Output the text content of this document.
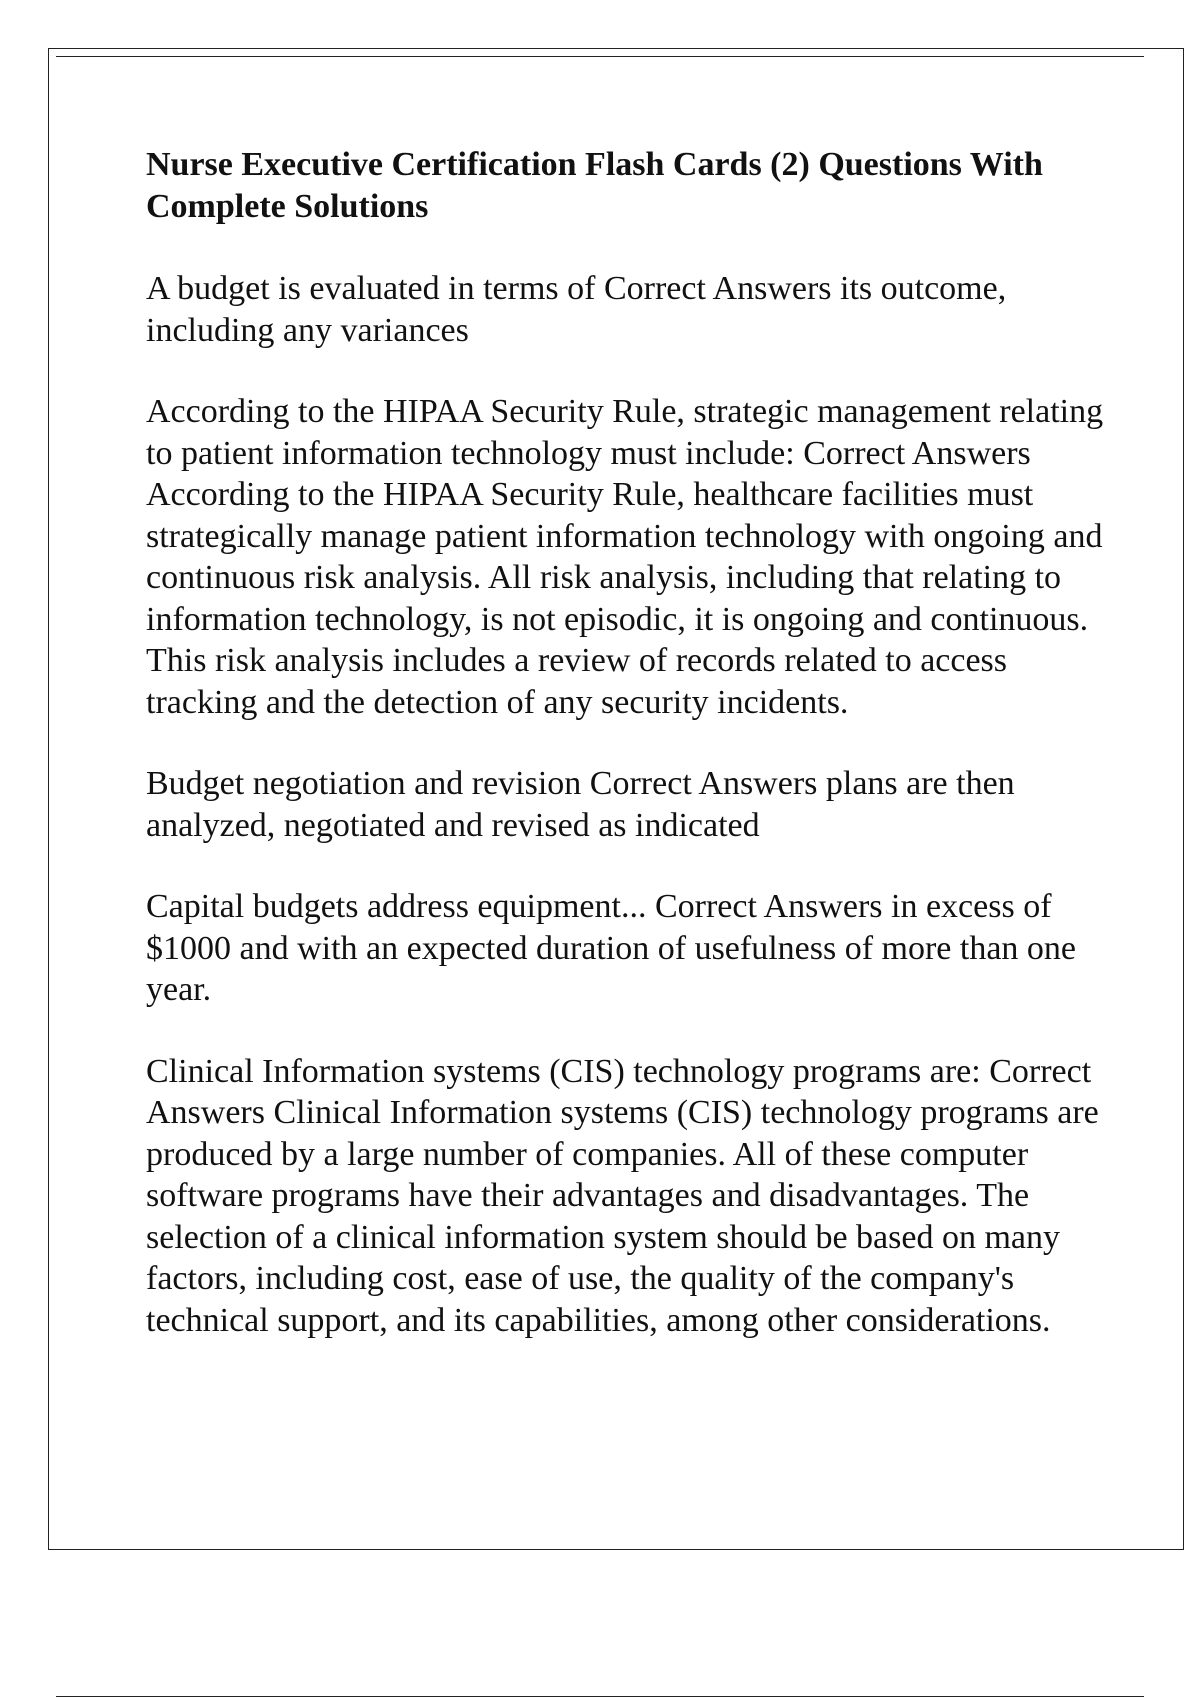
Nurse Executive Certification Flash Cards (2) Questions With Complete Solutions

A budget is evaluated in terms of Correct Answers its outcome, including any variances

According to the HIPAA Security Rule, strategic management relating to patient information technology must include: Correct Answers According to the HIPAA Security Rule, healthcare facilities must strategically manage patient information technology with ongoing and continuous risk analysis. All risk analysis, including that relating to information technology, is not episodic, it is ongoing and continuous. This risk analysis includes a review of records related to access tracking and the detection of any security incidents.

Budget negotiation and revision Correct Answers plans are then analyzed, negotiated and revised as indicated

Capital budgets address equipment... Correct Answers in excess of $1000 and with an expected duration of usefulness of more than one year.

Clinical Information systems (CIS) technology programs are: Correct Answers Clinical Information systems (CIS) technology programs are produced by a large number of companies. All of these computer software programs have their advantages and disadvantages. The selection of a clinical information system should be based on many factors, including cost, ease of use, the quality of the company's technical support, and its capabilities, among other considerations.
